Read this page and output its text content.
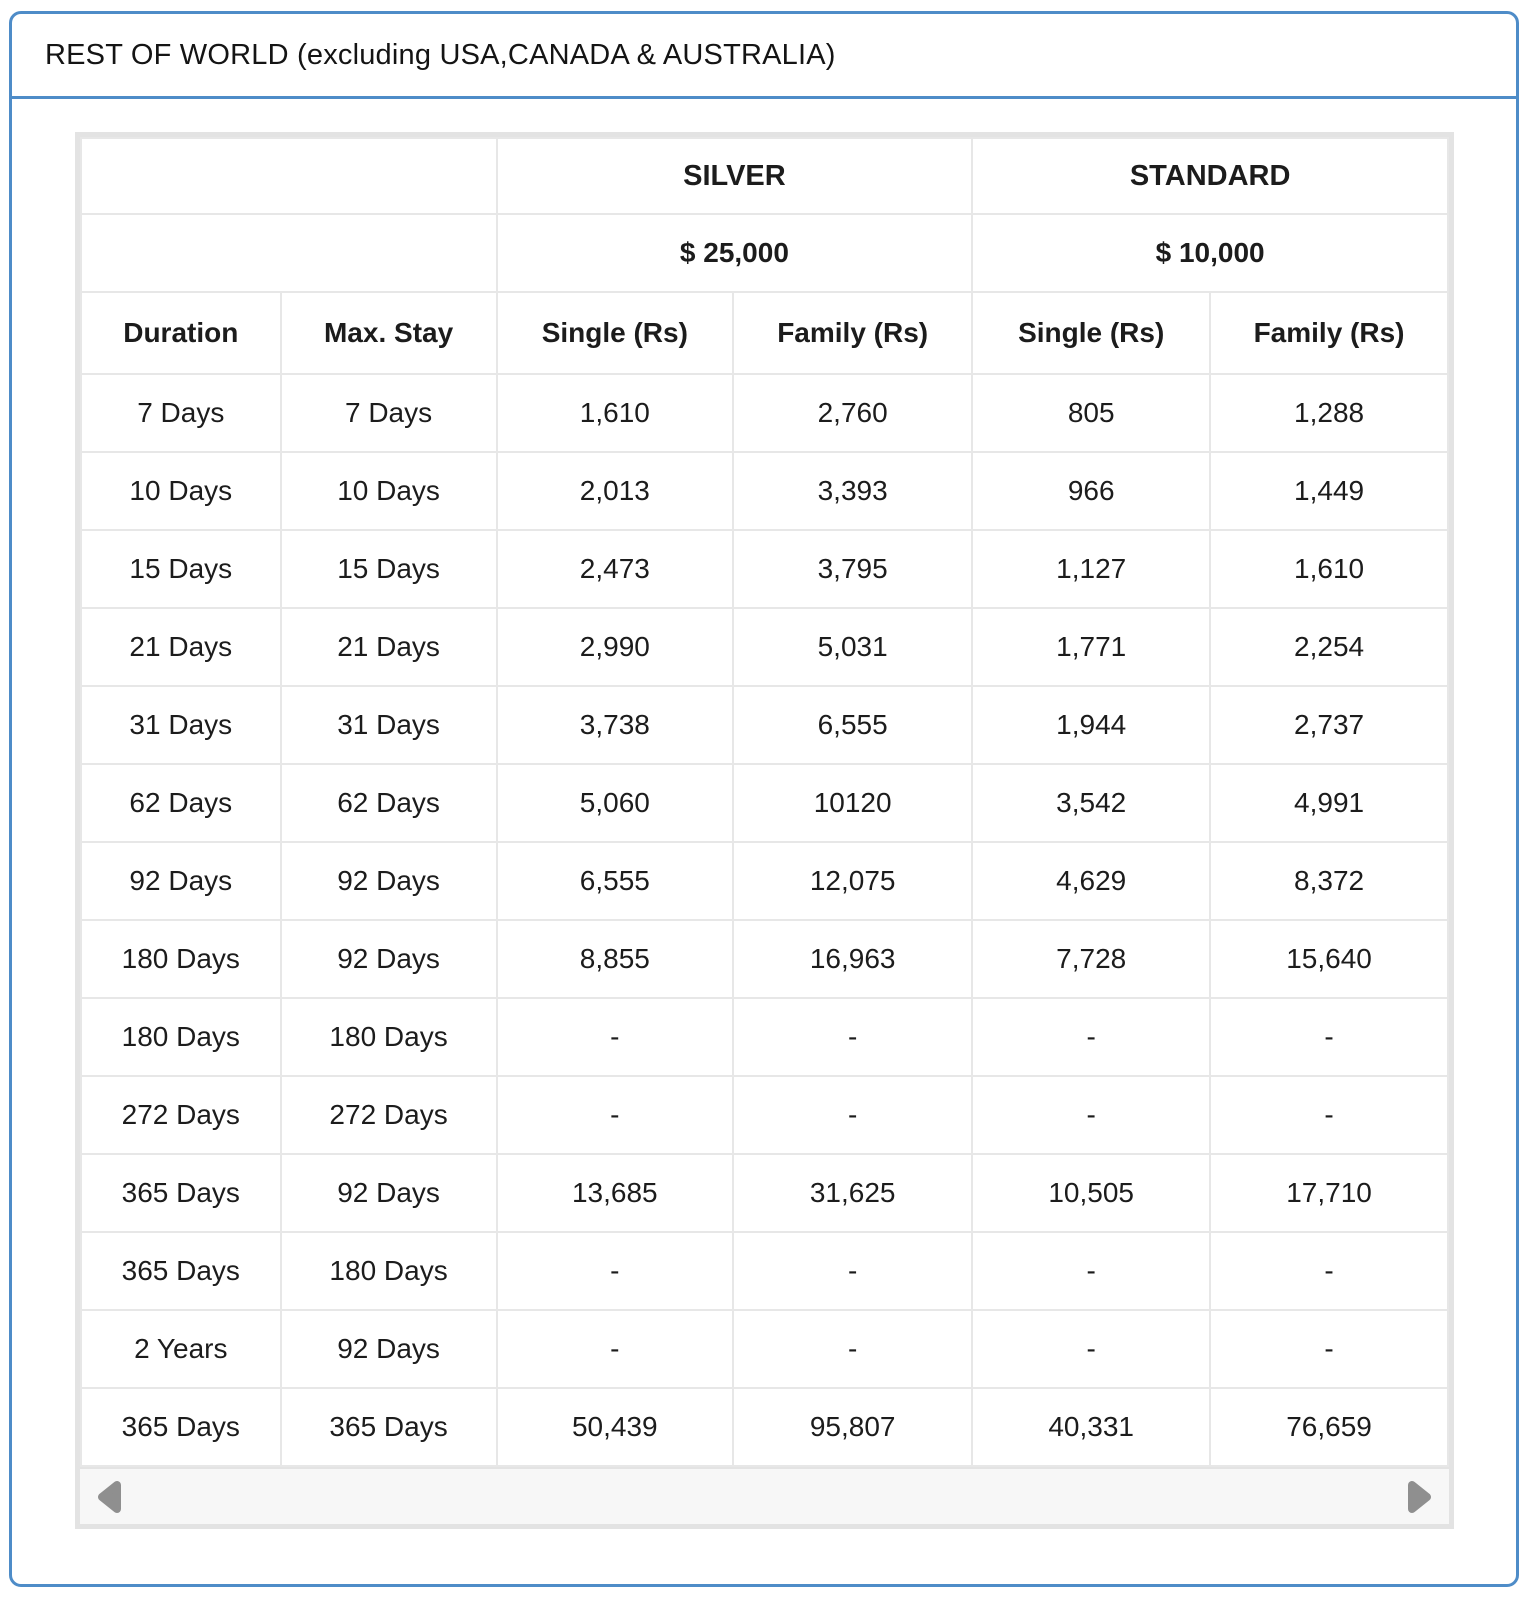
REST OF WORLD (excluding USA,CANADA & AUSTRALIA)
		SILVER		STANDARD	
		$ 25,000		$ 10,000	
Duration	Max. Stay	Single (Rs)	Family (Rs)	Single (Rs)	Family (Rs)
7 Days	7 Days	1,610	2,760	805	1,288
10 Days	10 Days	2,013	3,393	966	1,449
15 Days	15 Days	2,473	3,795	1,127	1,610
21 Days	21 Days	2,990	5,031	1,771	2,254
31 Days	31 Days	3,738	6,555	1,944	2,737
62 Days	62 Days	5,060	10120	3,542	4,991
92 Days	92 Days	6,555	12,075	4,629	8,372
180 Days	92 Days	8,855	16,963	7,728	15,640
180 Days	180 Days	-	-	-	-
272 Days	272 Days	-	-	-	-
365 Days	92 Days	13,685	31,625	10,505	17,710
365 Days	180 Days	-	-	-	-
2 Years	92 Days	-	-	-	-
365 Days	365 Days	50,439	95,807	40,331	76,659
